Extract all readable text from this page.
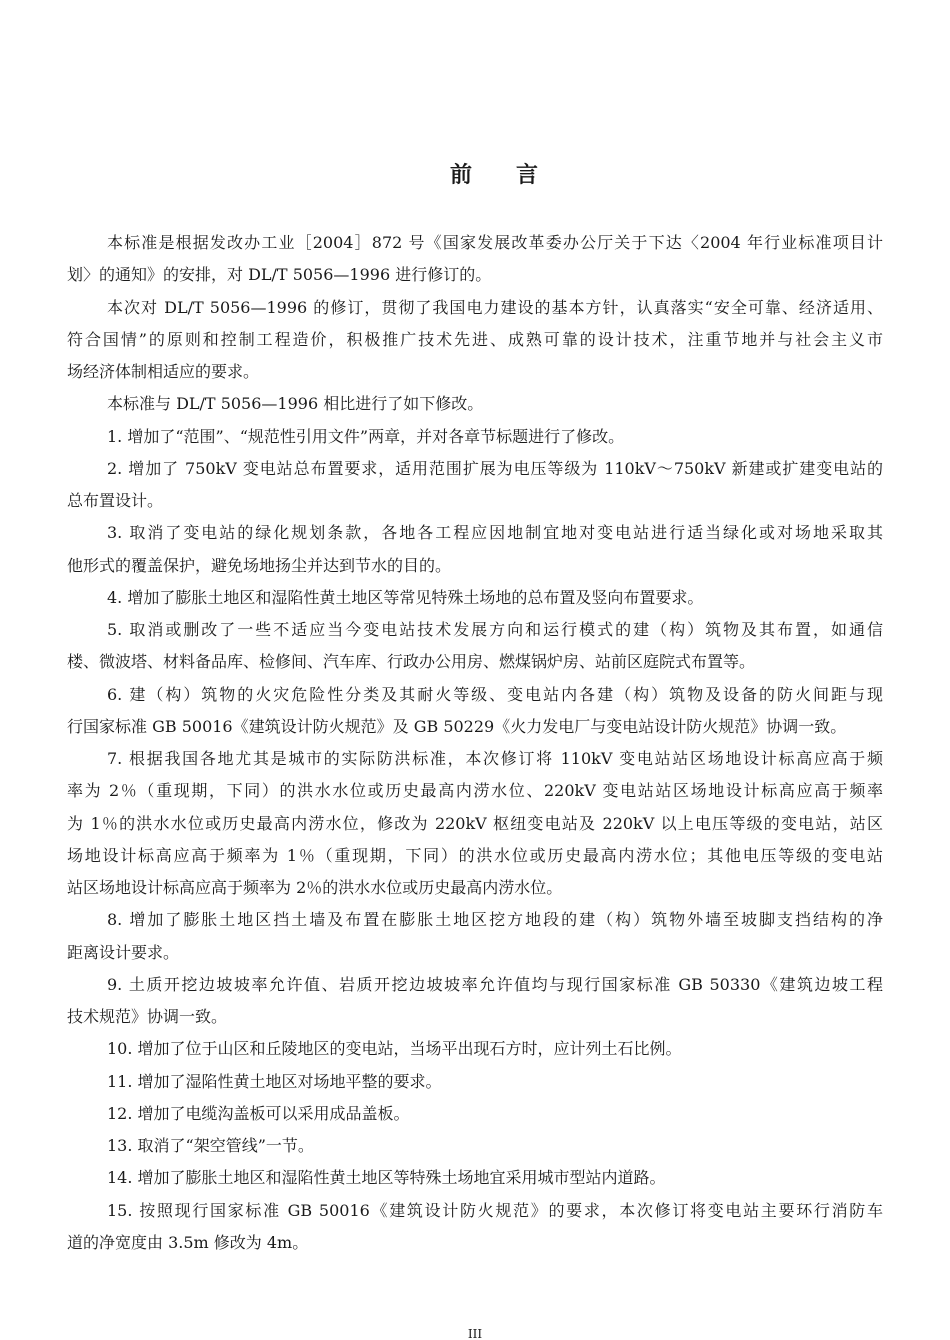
前　　言
本标准是根据发改办工业［2004］872 号《国家发展改革委办公厅关于下达〈2004 年行业标准项目计
划〉的通知》的安排，对 DL/T 5056—1996 进行修订的。
本次对 DL/T 5056—1996 的修订，贯彻了我国电力建设的基本方针，认真落实“安全可靠、经济适用、
符合国情”的原则和控制工程造价，积极推广技术先进、成熟可靠的设计技术，注重节地并与社会主义市
场经济体制相适应的要求。
本标准与 DL/T 5056—1996 相比进行了如下修改。
1. 增加了“范围”、“规范性引用文件”两章，并对各章节标题进行了修改。
2. 增加了 750kV 变电站总布置要求，适用范围扩展为电压等级为 110kV～750kV 新建或扩建变电站的
总布置设计。
3. 取消了变电站的绿化规划条款，各地各工程应因地制宜地对变电站进行适当绿化或对场地采取其
他形式的覆盖保护，避免场地扬尘并达到节水的目的。
4. 增加了膨胀土地区和湿陷性黄土地区等常见特殊土场地的总布置及竖向布置要求。
5. 取消或删改了一些不适应当今变电站技术发展方向和运行模式的建（构）筑物及其布置，如通信
楼、微波塔、材料备品库、检修间、汽车库、行政办公用房、燃煤锅炉房、站前区庭院式布置等。
6. 建（构）筑物的火灾危险性分类及其耐火等级、变电站内各建（构）筑物及设备的防火间距与现
行国家标准 GB 50016《建筑设计防火规范》及 GB 50229《火力发电厂与变电站设计防火规范》协调一致。
7. 根据我国各地尤其是城市的实际防洪标准，本次修订将 110kV 变电站站区场地设计标高应高于频
率为 2％（重现期，下同）的洪水水位或历史最高内涝水位、220kV 变电站站区场地设计标高应高于频率
为 1％的洪水水位或历史最高内涝水位，修改为 220kV 枢纽变电站及 220kV 以上电压等级的变电站，站区
场地设计标高应高于频率为 1％（重现期，下同）的洪水位或历史最高内涝水位；其他电压等级的变电站
站区场地设计标高应高于频率为 2％的洪水水位或历史最高内涝水位。
8. 增加了膨胀土地区挡土墙及布置在膨胀土地区挖方地段的建（构）筑物外墙至坡脚支挡结构的净
距离设计要求。
9. 土质开挖边坡坡率允许值、岩质开挖边坡坡率允许值均与现行国家标准 GB 50330《建筑边坡工程
技术规范》协调一致。
10. 增加了位于山区和丘陵地区的变电站，当场平出现石方时，应计列土石比例。
11. 增加了湿陷性黄土地区对场地平整的要求。
12. 增加了电缆沟盖板可以采用成品盖板。
13. 取消了“架空管线”一节。
14. 增加了膨胀土地区和湿陷性黄土地区等特殊土场地宜采用城市型站内道路。
15. 按照现行国家标准 GB 50016《建筑设计防火规范》的要求，本次修订将变电站主要环行消防车
道的净宽度由 3.5m 修改为 4m。
III
